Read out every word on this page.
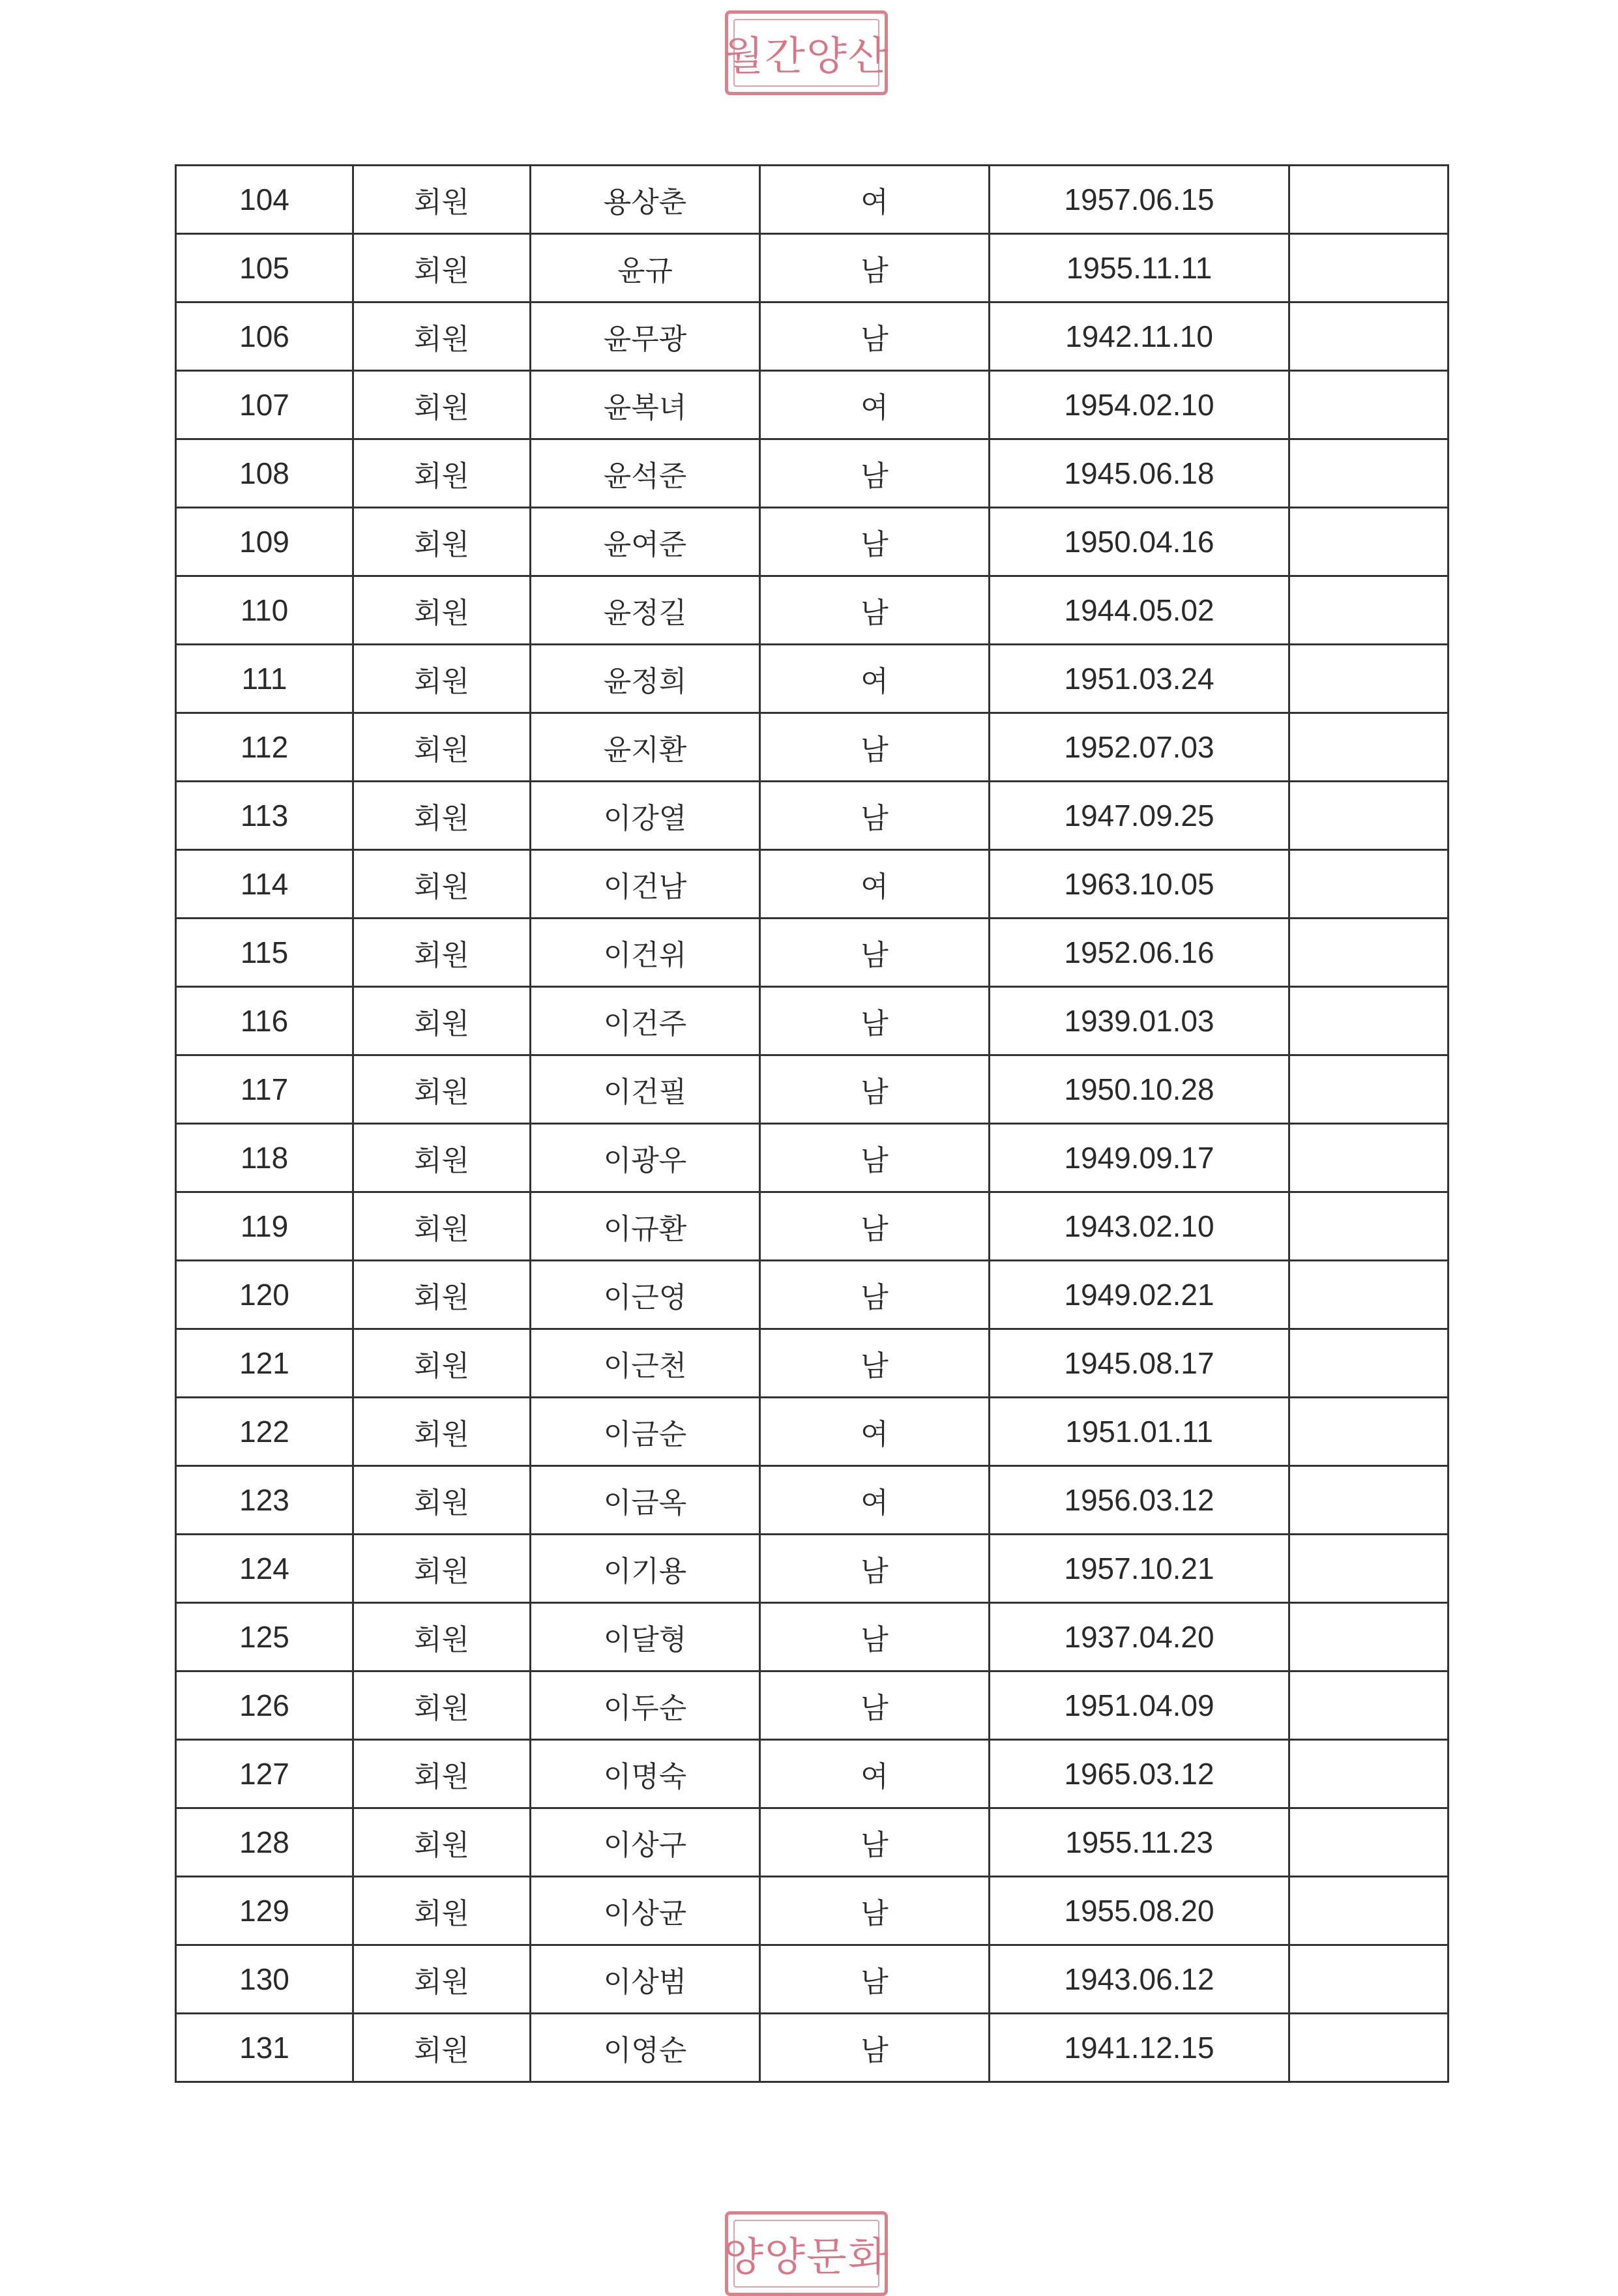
월간양산
104	회원	용상춘	여	1957.06.15	
105	회원	윤규	남	1955.11.11	
106	회원	윤무광	남	1942.11.10	
107	회원	윤복녀	여	1954.02.10	
108	회원	윤석준	남	1945.06.18	
109	회원	윤여준	남	1950.04.16	
110	회원	윤정길	남	1944.05.02	
111	회원	윤정희	여	1951.03.24	
112	회원	윤지환	남	1952.07.03	
113	회원	이강열	남	1947.09.25	
114	회원	이건남	여	1963.10.05	
115	회원	이건위	남	1952.06.16	
116	회원	이건주	남	1939.01.03	
117	회원	이건필	남	1950.10.28	
118	회원	이광우	남	1949.09.17	
119	회원	이규환	남	1943.02.10	
120	회원	이근영	남	1949.02.21	
121	회원	이근천	남	1945.08.17	
122	회원	이금순	여	1951.01.11	
123	회원	이금옥	여	1956.03.12	
124	회원	이기용	남	1957.10.21	
125	회원	이달형	남	1937.04.20	
126	회원	이두순	남	1951.04.09	
127	회원	이명숙	여	1965.03.12	
128	회원	이상구	남	1955.11.23	
129	회원	이상균	남	1955.08.20	
130	회원	이상범	남	1943.06.12	
131	회원	이영순	남	1941.12.15	
양양문화
